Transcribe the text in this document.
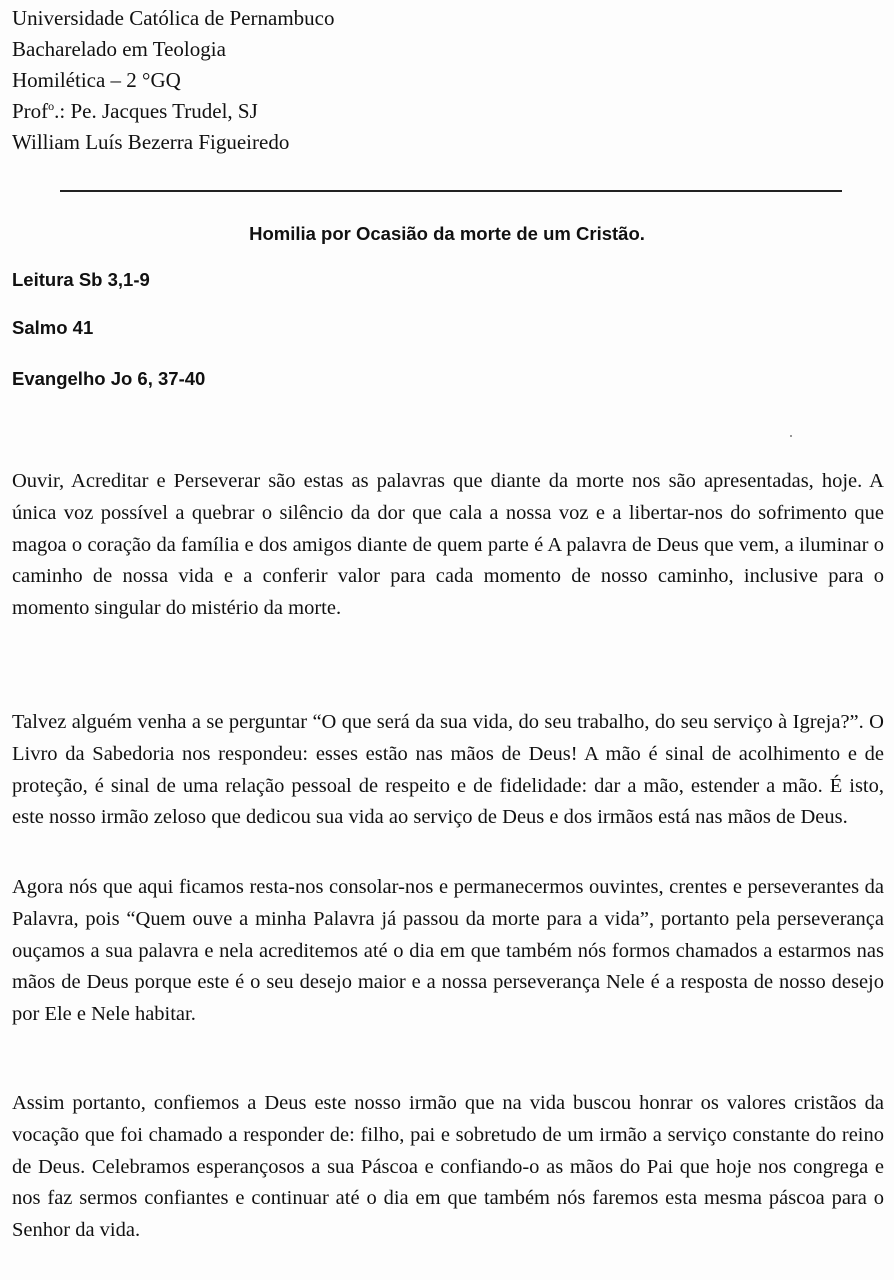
Universidade Católica de Pernambuco
Bacharelado em Teologia
Homilética – 2 °GQ
Prof$^o$.: Pe. Jacques Trudel, SJ
William Luís Bezerra Figueiredo
Homilia por Ocasião da morte de um Cristão.
Leitura Sb 3,1-9
Salmo 41
Evangelho Jo 6, 37-40

Ouvir, Acreditar e Perseverar são estas as palavras que diante da morte nos são apresentadas, hoje. A única voz possível a quebrar o silêncio da dor que cala a nossa voz e a libertar-nos do sofrimento que magoa o coração da família e dos amigos diante de quem parte é A palavra de Deus que vem, a iluminar o caminho de nossa vida e a conferir valor para cada momento de nosso caminho, inclusive para o momento singular do mistério da morte.

Talvez alguém venha a se perguntar “O que será da sua vida, do seu trabalho, do seu serviço à Igreja?”. O Livro da Sabedoria nos respondeu: esses estão nas mãos de Deus! A mão é sinal de acolhimento e de proteção, é sinal de uma relação pessoal de respeito e de fidelidade: dar a mão, estender a mão. É isto, este nosso irmão zeloso que dedicou sua vida ao serviço de Deus e dos irmãos está nas mãos de Deus.

Agora nós que aqui ficamos resta-nos consolar-nos e permanecermos ouvintes, crentes e perseverantes da Palavra, pois “Quem ouve a minha Palavra já passou da morte para a vida”, portanto pela perseverança ouçamos a sua palavra e nela acreditemos até o dia em que também nós formos chamados a estarmos nas mãos de Deus porque este é o seu desejo maior e a nossa perseverança Nele é a resposta de nosso desejo por Ele e Nele habitar.

Assim portanto, confiemos a Deus este nosso irmão que na vida buscou honrar os valores cristãos da vocação que foi chamado a responder de: filho, pai e sobretudo de um irmão a serviço constante do reino de Deus. Celebramos esperançosos a sua Páscoa e confiando-o as mãos do Pai que hoje nos congrega e nos faz sermos confiantes e continuar até o dia em que também nós faremos esta mesma páscoa para o Senhor da vida.
